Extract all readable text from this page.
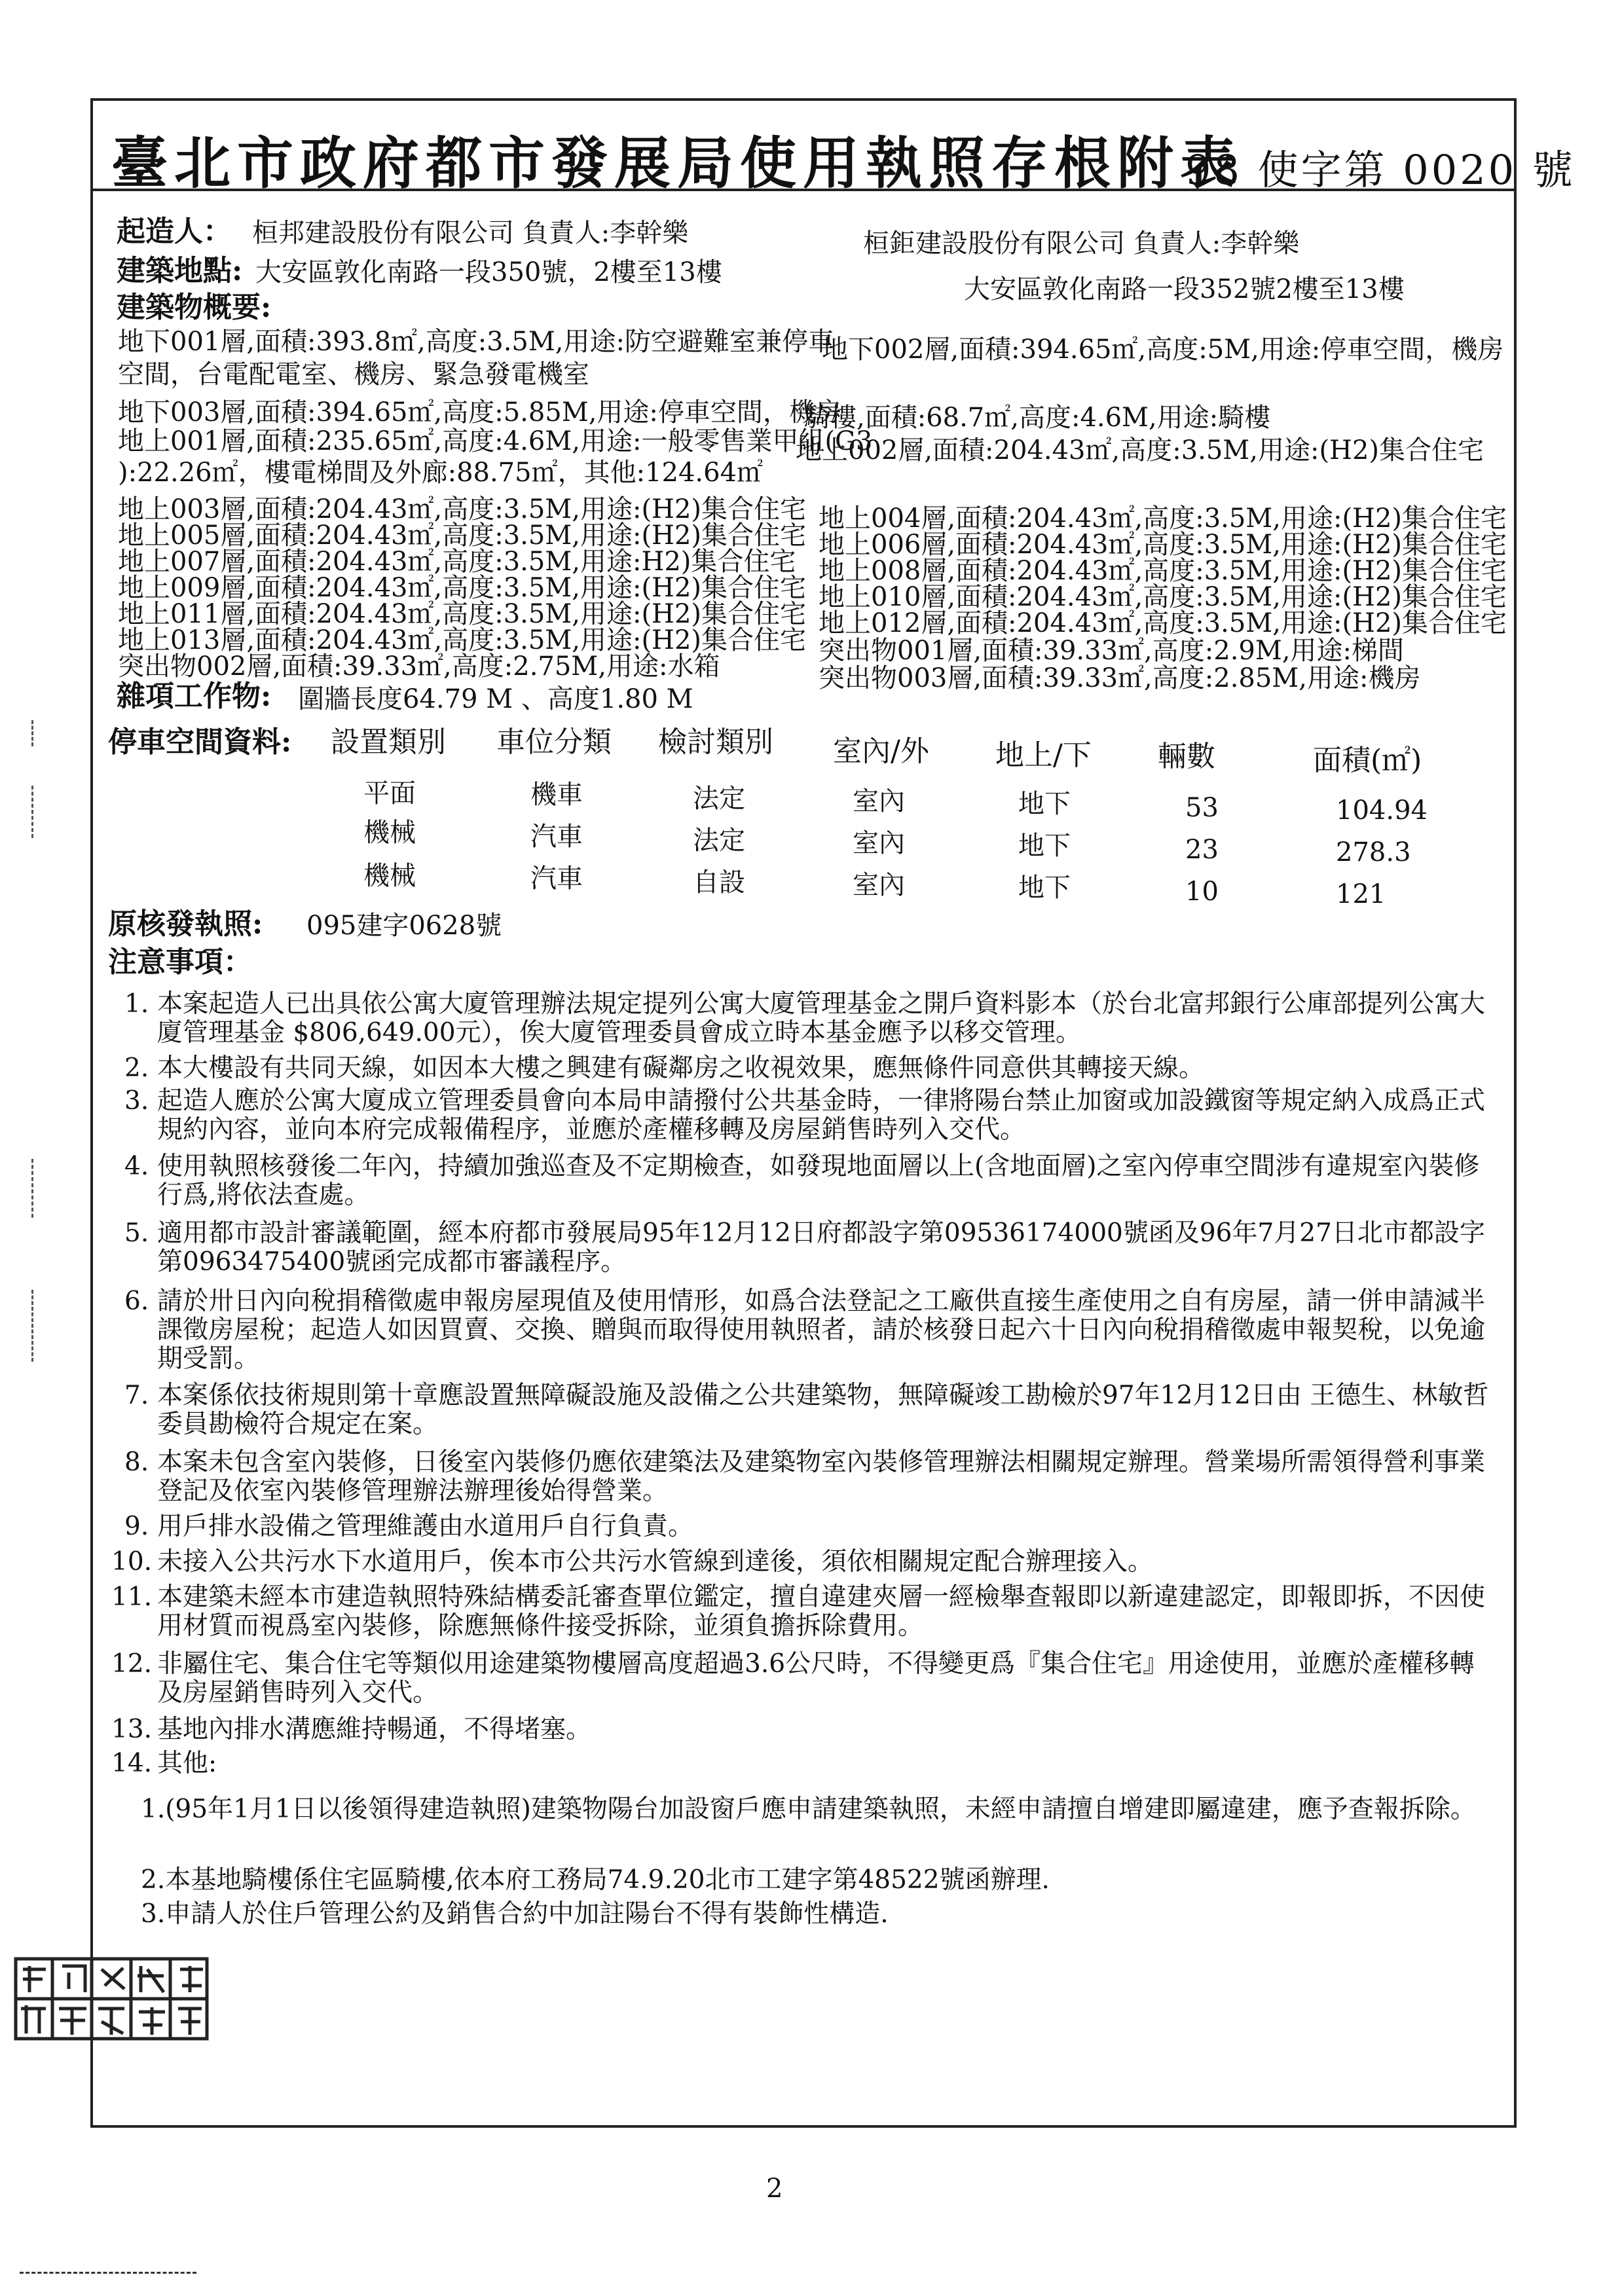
臺北市政府都市發展局使用執照存根附表
98 使字第 0020 號
起造人： 桓邦建設股份有限公司 負責人:李幹樂	桓鉅建設股份有限公司 負責人:李幹樂
建築地點: 大安區敦化南路一段350號，2樓至13樓
大安區敦化南路一段352號2樓至13樓
建築物概要:
地下001層,面積:393.8㎡,高度:3.5M,用途:防空避難室兼停車
地下002層,面積:394.65㎡,高度:5M,用途:停車空間，機房
空間，台電配電室、機房、緊急發電機室
地下003層,面積:394.65㎡,高度:5.85M,用途:停車空間，機房
騎樓,面積:68.7㎡,高度:4.6M,用途:騎樓
地上001層,面積:235.65㎡,高度:4.6M,用途:一般零售業甲組(G3
地上002層,面積:204.43㎡,高度:3.5M,用途:(H2)集合住宅
):22.26㎡，樓電梯間及外廊:88.75㎡，其他:124.64㎡
地上003層,面積:204.43㎡,高度:3.5M,用途:(H2)集合住宅
地上005層,面積:204.43㎡,高度:3.5M,用途:(H2)集合住宅
地上007層,面積:204.43㎡,高度:3.5M,用途:H2)集合住宅
地上009層,面積:204.43㎡,高度:3.5M,用途:(H2)集合住宅
地上011層,面積:204.43㎡,高度:3.5M,用途:(H2)集合住宅
地上013層,面積:204.43㎡,高度:3.5M,用途:(H2)集合住宅
突出物002層,面積:39.33㎡,高度:2.75M,用途:水箱
地上004層,面積:204.43㎡,高度:3.5M,用途:(H2)集合住宅
地上006層,面積:204.43㎡,高度:3.5M,用途:(H2)集合住宅
地上008層,面積:204.43㎡,高度:3.5M,用途:(H2)集合住宅
地上010層,面積:204.43㎡,高度:3.5M,用途:(H2)集合住宅
地上012層,面積:204.43㎡,高度:3.5M,用途:(H2)集合住宅
突出物001層,面積:39.33㎡,高度:2.9M,用途:梯間
突出物003層,面積:39.33㎡,高度:2.85M,用途:機房
雜項工作物: 圍牆長度64.79 M 、高度1.80 M
停車空間資料: 設置類別 車位分類 檢討類別 室內/外 地上/下 輛數	面積(㎡)
平面	機車	法定	室內	地下	53	104.94
機械	汽車	法定	室內	地下	23	278.3
機械	汽車	自設	室內	地下	10	121
原核發執照: 095建字0628號
注意事項：
1. 本案起造人已出具依公寓大廈管理辦法規定提列公寓大廈管理基金之開戶資料影本（於台北富邦銀行公庫部提列公寓大廈管理基金 $806,649.00元），俟大廈管理委員會成立時本基金應予以移交管理。
2. 本大樓設有共同天線，如因本大樓之興建有礙鄰房之收視效果，應無條件同意供其轉接天線。
3. 起造人應於公寓大廈成立管理委員會向本局申請撥付公共基金時，一律將陽台禁止加窗或加設鐵窗等規定納入成爲正式規約內容，並向本府完成報備程序，並應於產權移轉及房屋銷售時列入交代。
4. 使用執照核發後二年內，持續加強巡查及不定期檢查，如發現地面層以上(含地面層)之室內停車空間涉有違規室內裝修行爲,將依法查處。
5. 適用都市設計審議範圍，經本府都市發展局95年12月12日府都設字第09536174000號函及96年7月27日北市都設字第0963475400號函完成都市審議程序。
6. 請於卅日內向稅捐稽徵處申報房屋現值及使用情形，如爲合法登記之工廠供直接生產使用之自有房屋，請一併申請減半課徵房屋稅；起造人如因買賣、交換、贈與而取得使用執照者，請於核發日起六十日內向稅捐稽徵處申報契稅，以免逾期受罰。
7. 本案係依技術規則第十章應設置無障礙設施及設備之公共建築物，無障礙竣工勘檢於97年12月12日由 王德生、林敏哲委員勘檢符合規定在案。
8. 本案未包含室內裝修，日後室內裝修仍應依建築法及建築物室內裝修管理辦法相關規定辦理。營業場所需領得營利事業登記及依室內裝修管理辦法辦理後始得營業。
9. 用戶排水設備之管理維護由水道用戶自行負責。
10. 未接入公共污水下水道用戶，俟本市公共污水管線到達後，須依相關規定配合辦理接入。
11. 本建築未經本市建造執照特殊結構委託審查單位鑑定，擅自違建夾層一經檢舉查報即以新違建認定，即報即拆，不因使用材質而視爲室內裝修，除應無條件接受拆除，並須負擔拆除費用。
12. 非屬住宅、集合住宅等類似用途建築物樓層高度超過3.6公尺時，不得變更爲『集合住宅』用途使用，並應於產權移轉及房屋銷售時列入交代。
13. 基地內排水溝應維持暢通，不得堵塞。
14. 其他:
1.(95年1月1日以後領得建造執照)建築物陽台加設窗戶應申請建築執照，未經申請擅自增建即屬違建，應予查報拆除。
2.本基地騎樓係住宅區騎樓,依本府工務局74.9.20北市工建字第48522號函辦理.
3.申請人於住戶管理公約及銷售合約中加註陽台不得有裝飾性構造.
2
